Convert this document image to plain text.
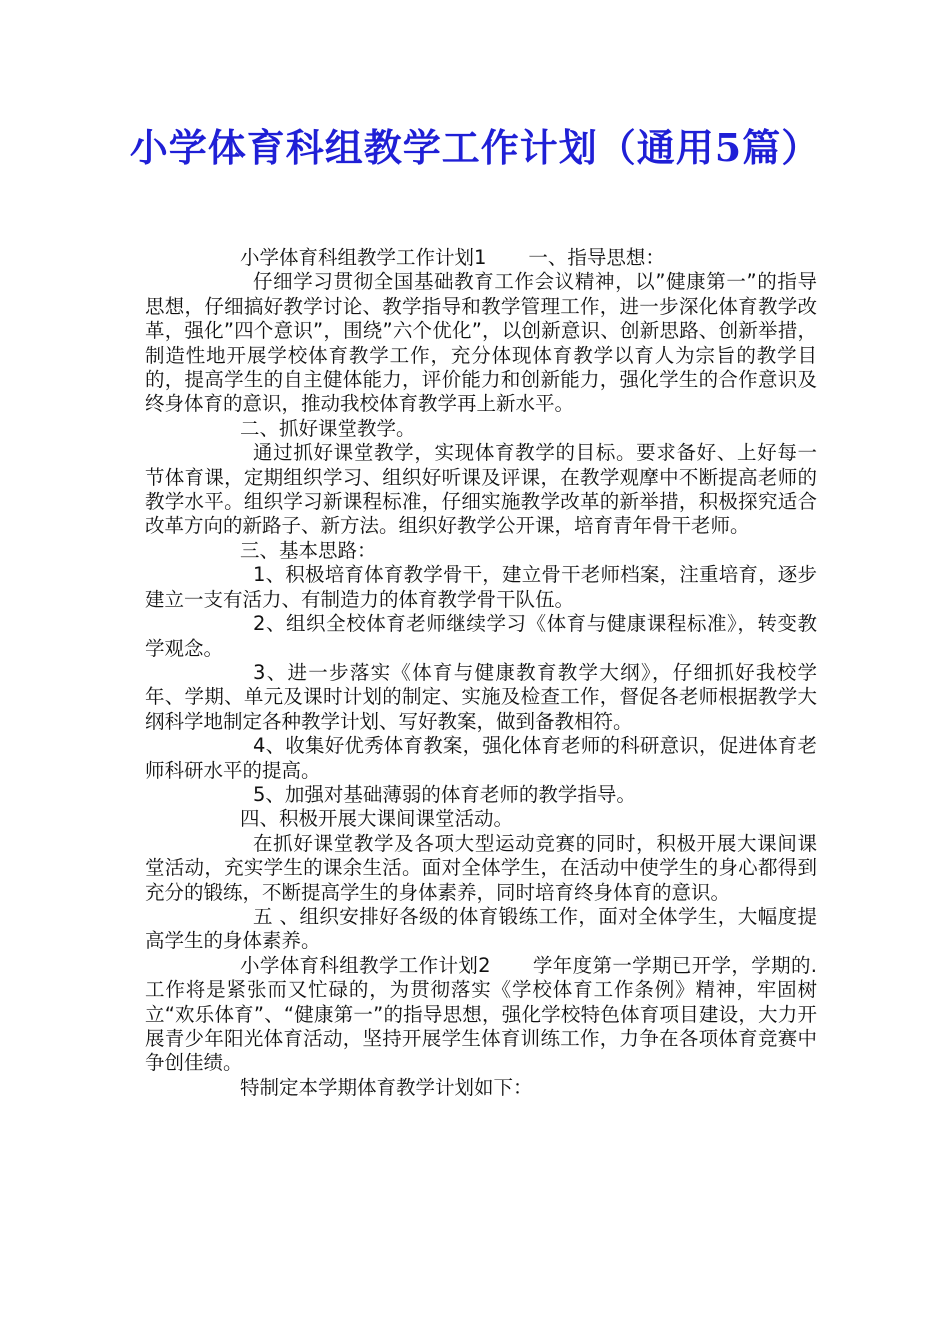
小学体育科组教学工作计划（通用5篇）

小学体育科组教学工作计划1 一、指导思想：

仔细学习贯彻全国基础教育工作会议精神，以”健康第一”的指导思想，仔细搞好教学讨论、教学指导和教学管理工作，进一步深化体育教学改革，强化”四个意识”，围绕”六个优化”，以创新意识、创新思路、创新举措，制造性地开展学校体育教学工作，充分体现体育教学以育人为宗旨的教学目的，提高学生的自主健体能力，评价能力和创新能力，强化学生的合作意识及终身体育的意识，推动我校体育教学再上新水平。

二、抓好课堂教学。

通过抓好课堂教学，实现体育教学的目标。要求备好、上好每一节体育课，定期组织学习、组织好听课及评课，在教学观摩中不断提高老师的教学水平。组织学习新课程标准，仔细实施教学改革的新举措，积极探究适合改革方向的新路子、新方法。组织好教学公开课，培育青年骨干老师。

三、基本思路：

1、积极培育体育教学骨干，建立骨干老师档案，注重培育，逐步建立一支有活力、有制造力的体育教学骨干队伍。

2、组织全校体育老师继续学习《体育与健康课程标准》，转变教学观念。

3、进一步落实《体育与健康教育教学大纲》，仔细抓好我校学年、学期、单元及课时计划的制定、实施及检查工作，督促各老师根据教学大纲科学地制定各种教学计划、写好教案，做到备教相符。

4、收集好优秀体育教案，强化体育老师的科研意识，促进体育老师科研水平的提高。

5、加强对基础薄弱的体育老师的教学指导。

四、积极开展大课间课堂活动。

在抓好课堂教学及各项大型运动竞赛的同时，积极开展大课间课堂活动，充实学生的课余生活。面对全体学生，在活动中使学生的身心都得到充分的锻练，不断提高学生的身体素养，同时培育终身体育的意识。

五 、组织安排好各级的体育锻练工作，面对全体学生，大幅度提高学生的身体素养。

小学体育科组教学工作计划2 学年度第一学期已开学，学期的.工作将是紧张而又忙碌的，为贯彻落实《学校体育工作条例》精神，牢固树立“欢乐体育”、“健康第一”的指导思想，强化学校特色体育项目建设，大力开展青少年阳光体育活动，坚持开展学生体育训练工作，力争在各项体育竞赛中争创佳绩。

特制定本学期体育教学计划如下：
